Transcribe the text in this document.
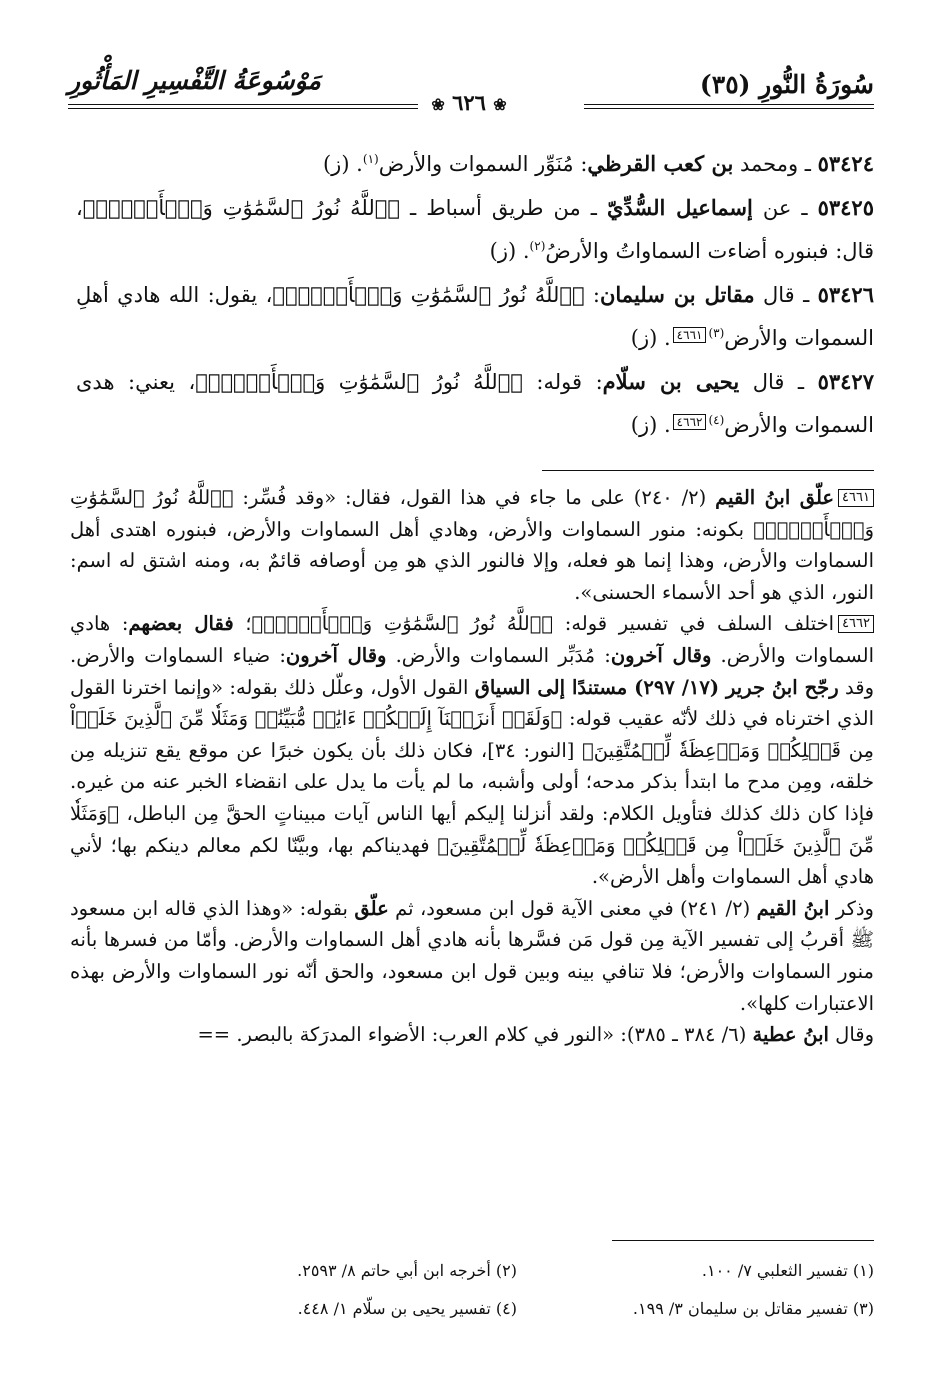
سُورَةُ النُّورِ (٣٥)
مَوْسُوعَةُ التَّفْسِيرِ المَأْثُورِ
❀ ٦٢٦ ❀

٥٣٤٢٤ ـ ومحمد بن كعب القرظي: مُنَوِّر السموات والأرض$^{(١)}$. (ز)

٥٣٤٢٥ ـ عن إسماعيل السُّدِّيّ ـ من طريق أسباط ـ ﴿ٱللَّهُ نُورُ ٱلسَّمَٰوَٰتِ وَٱلۡأَرۡضِۚ﴾، قال: فبنوره أضاءت السماواتُ والأرضُ$^{(٢)}$. (ز)

٥٣٤٢٦ ـ قال مقاتل بن سليمان: ﴿ٱللَّهُ نُورُ ٱلسَّمَٰوَٰتِ وَٱلۡأَرۡضِۚ﴾، يقول: الله هادي أهلِ السموات والأرض$^{(٣)}$٤٦٦١. (ز)

٥٣٤٢٧ ـ قال يحيى بن سلّام: قوله: ﴿ٱللَّهُ نُورُ ٱلسَّمَٰوَٰتِ وَٱلۡأَرۡضِۚ﴾، يعني: هدى السموات والأرض$^{(٤)}$٤٦٦٢. (ز)

٤٦٦١علّق ابنُ القيم (٢/ ٢٤٠) على ما جاء في هذا القول، فقال: «وقد فُسِّر: ﴿ٱللَّهُ نُورُ ٱلسَّمَٰوَٰتِ وَٱلۡأَرۡضِۚ﴾ بكونه: منور السماوات والأرض، وهادي أهل السماوات والأرض، فبنوره اهتدى أهل السماوات والأرض، وهذا إنما هو فعله، وإلا فالنور الذي هو مِن أوصافه قائمٌ به، ومنه اشتق له اسم: النور، الذي هو أحد الأسماء الحسنى».

٤٦٦٢اختلف السلف في تفسير قوله: ﴿ٱللَّهُ نُورُ ٱلسَّمَٰوَٰتِ وَٱلۡأَرۡضِۚ﴾؛ فقال بعضهم: هادي السماوات والأرض. وقال آخرون: مُدَبِّر السماوات والأرض. وقال آخرون: ضياء السماوات والأرض. وقد رجّح ابنُ جرير (١٧/ ٢٩٧) مستندًا إلى السياق القول الأول، وعلّل ذلك بقوله: «وإنما اخترنا القول الذي اخترناه في ذلك لأنّه عقيب قوله: ﴿وَلَقَدۡ أَنزَلۡنَآ إِلَيۡكُمۡ ءَايَٰتٖ مُّبَيِّنَٰتٖ وَمَثَلٗا مِّنَ ٱلَّذِينَ خَلَوۡاْ مِن قَبۡلِكُمۡ وَمَوۡعِظَةٗ لِّلۡمُتَّقِينَ﴾ [النور: ٣٤]، فكان ذلك بأن يكون خبرًا عن موقع يقع تنزيله مِن خلقه، ومِن مدح ما ابتدأ بذكر مدحه؛ أولى وأشبه، ما لم يأت ما يدل على انقضاء الخبر عنه من غيره. فإذا كان ذلك كذلك فتأويل الكلام: ولقد أنزلنا إليكم أيها الناس آيات مبيناتٍ الحقَّ مِن الباطل، ﴿وَمَثَلٗا مِّنَ ٱلَّذِينَ خَلَوۡاْ مِن قَبۡلِكُمۡ وَمَوۡعِظَةٗ لِّلۡمُتَّقِينَ﴾ فهديناكم بها، وبيَّنّا لكم معالم دينكم بها؛ لأني هادي أهل السماوات وأهل الأرض».

وذكر ابنُ القيم (٢/ ٢٤١) في معنى الآية قول ابن مسعود، ثم علّق بقوله: «وهذا الذي قاله ابن مسعود ﷺ أقربُ إلى تفسير الآية مِن قول مَن فسَّرها بأنه هادي أهل السماوات والأرض. وأمّا من فسرها بأنه منور السماوات والأرض؛ فلا تنافي بينه وبين قول ابن مسعود، والحق أنّه نور السماوات والأرض بهذه الاعتبارات كلها».

وقال ابنُ عطية (٦/ ٣٨٤ ـ ٣٨٥): «النور في كلام العرب: الأضواء المدرَكة بالبصر. ==

(١) تفسير الثعلبي ٧/ ١٠٠.
(٢) أخرجه ابن أبي حاتم ٨/ ٢٥٩٣.
(٣) تفسير مقاتل بن سليمان ٣/ ١٩٩.
(٤) تفسير يحيى بن سلّام ١/ ٤٤٨.
